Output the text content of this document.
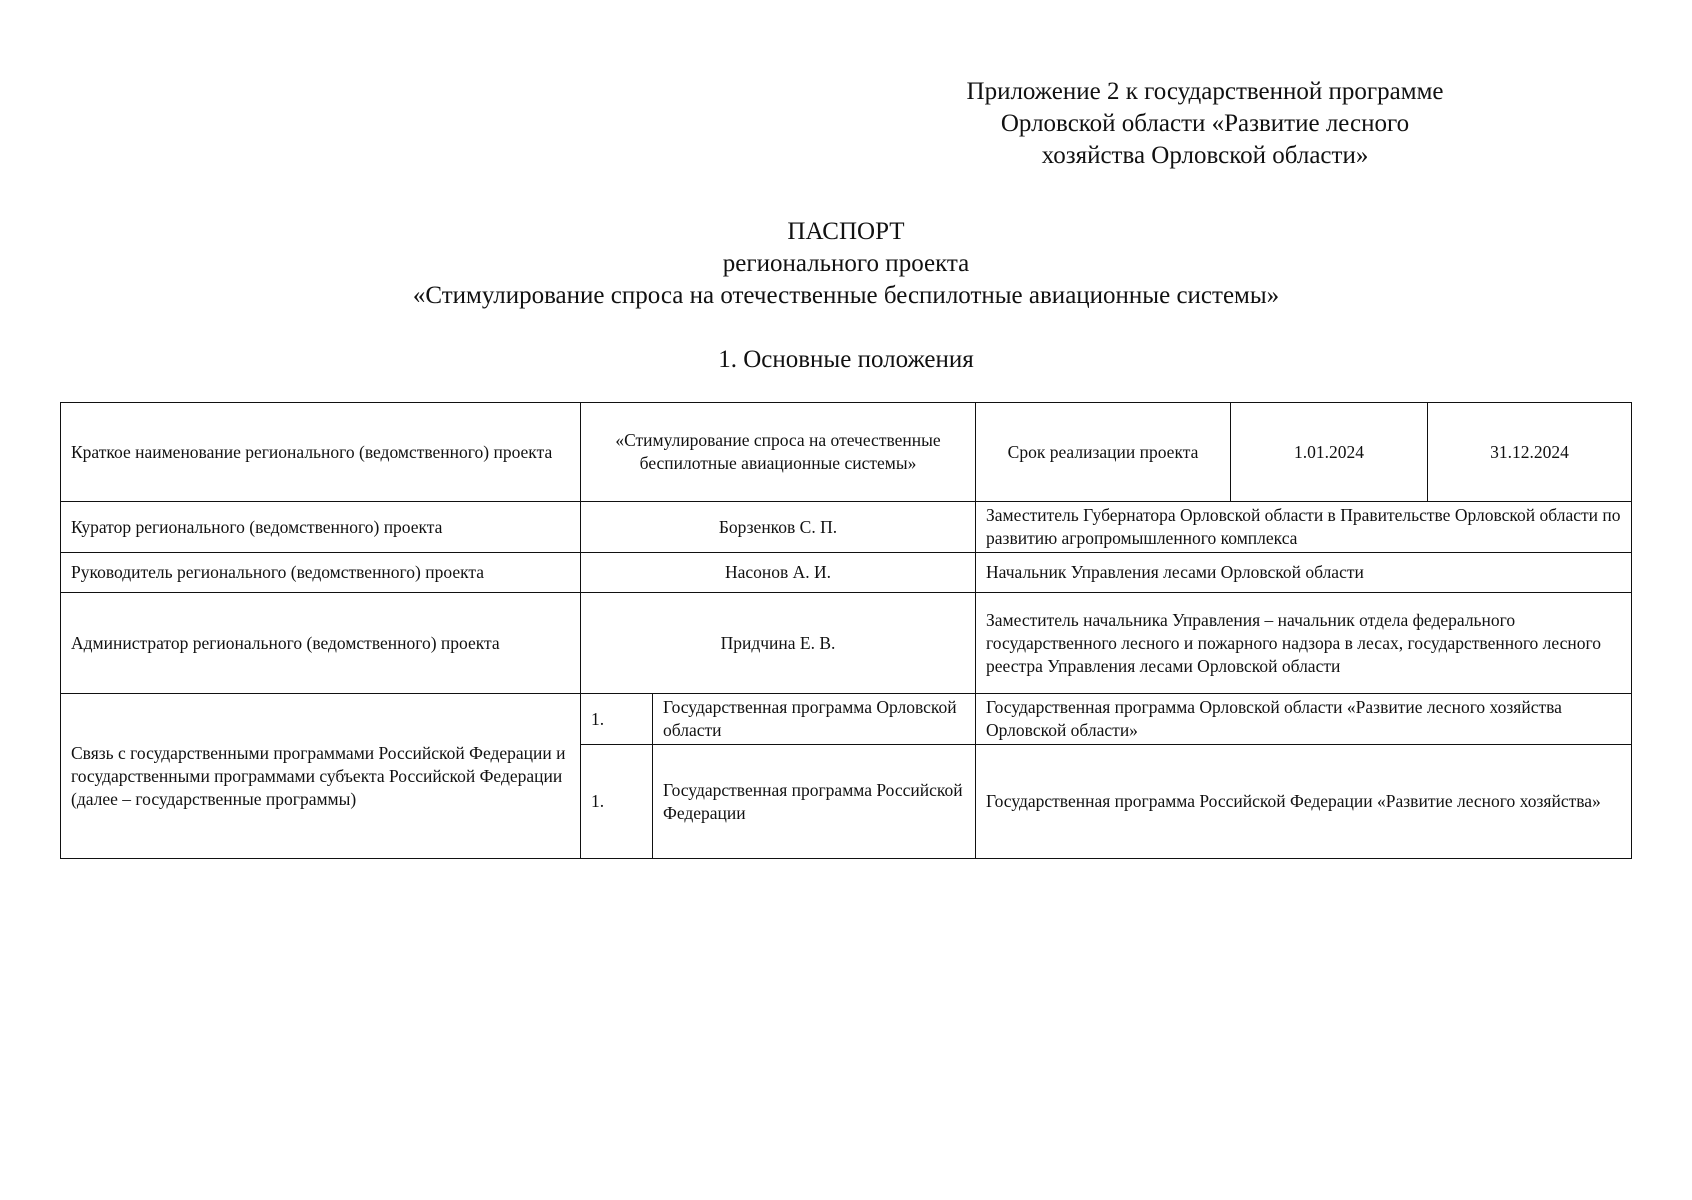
Приложение 2 к государственной программе
Орловской области «Развитие лесного
хозяйства Орловской области»
ПАСПОРТ
регионального проекта
«Стимулирование спроса на отечественные беспилотные авиационные системы»
1. Основные положения
Краткое наименование регионального (ведомственного) проекта	«Стимулирование спроса на отечественные беспилотные авиационные системы»		Срок реализации проекта	1.01.2024	31.12.2024
Куратор регионального (ведомственного) проекта	Борзенков С. П.		Заместитель Губернатора Орловской области в Правительстве Орловской области по развитию агропромышленного комплекса		
Руководитель регионального (ведомственного) проекта	Насонов А. И.		Начальник Управления лесами Орловской области		
Администратор регионального (ведомственного) проекта	Придчина Е. В.		Заместитель начальника Управления – начальник отдела федерального государственного лесного и пожарного надзора в лесах, государственного лесного реестра Управления лесами Орловской области		
Связь с государственными программами Российской Федерации и государственными программами субъекта Российской Федерации (далее – государственные программы)	1.	Государственная программа Орловской области	Государственная программа Орловской области «Развитие лесного хозяйства Орловской области»		
	1.	Государственная программа Российской Федерации	Государственная программа Российской Федерации «Развитие лесного хозяйства»		
